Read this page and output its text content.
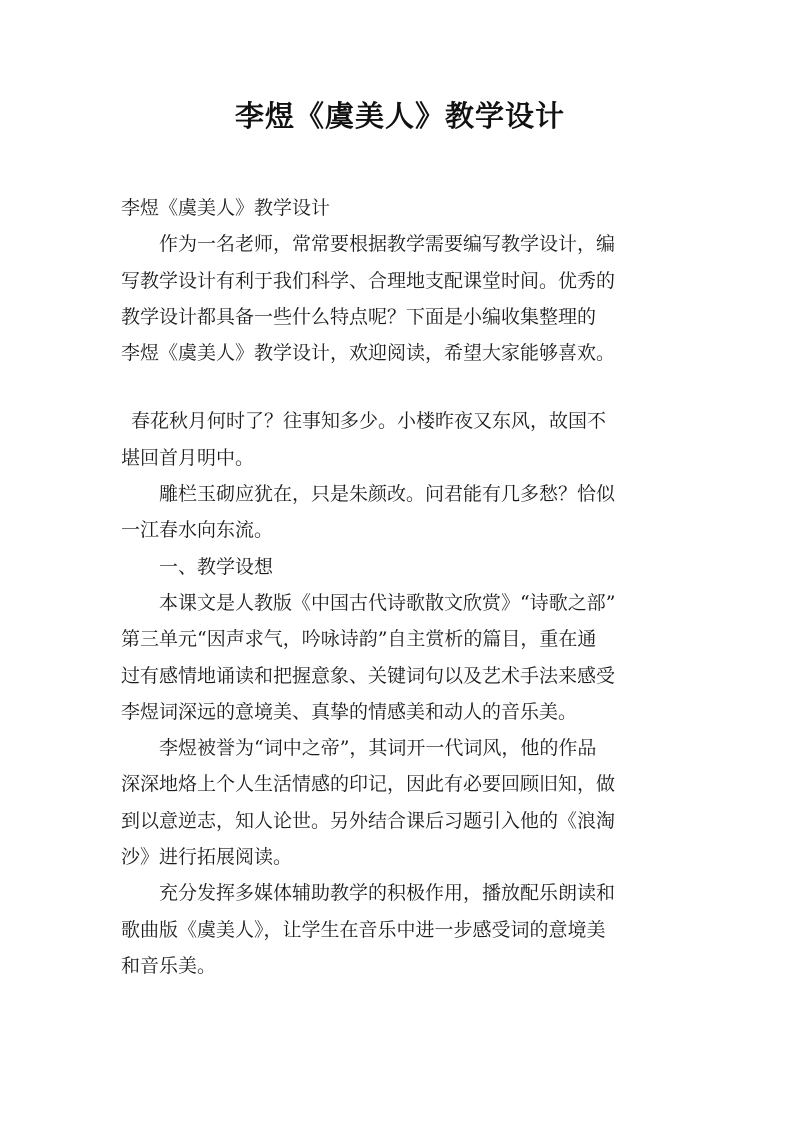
李煜《虞美人》教学设计
李煜《虞美人》教学设计
作为一名老师，常常要根据教学需要编写教学设计，编
写教学设计有利于我们科学、合理地支配课堂时间。优秀的
教学设计都具备一些什么特点呢？下面是小编收集整理的
李煜《虞美人》教学设计，欢迎阅读，希望大家能够喜欢。
春花秋月何时了？往事知多少。小楼昨夜又东风，故国不
堪回首月明中。
雕栏玉砌应犹在，只是朱颜改。问君能有几多愁？恰似
一江春水向东流。
一、教学设想
本课文是人教版《中国古代诗歌散文欣赏》“诗歌之部”
第三单元“因声求气，吟咏诗韵”自主赏析的篇目，重在通
过有感情地诵读和把握意象、关键词句以及艺术手法来感受
李煜词深远的意境美、真挚的情感美和动人的音乐美。
李煜被誉为“词中之帝”，其词开一代词风，他的作品
深深地烙上个人生活情感的印记，因此有必要回顾旧知，做
到以意逆志，知人论世。另外结合课后习题引入他的《浪淘
沙》进行拓展阅读。
充分发挥多媒体辅助教学的积极作用，播放配乐朗读和
歌曲版《虞美人》，让学生在音乐中进一步感受词的意境美
和音乐美。
